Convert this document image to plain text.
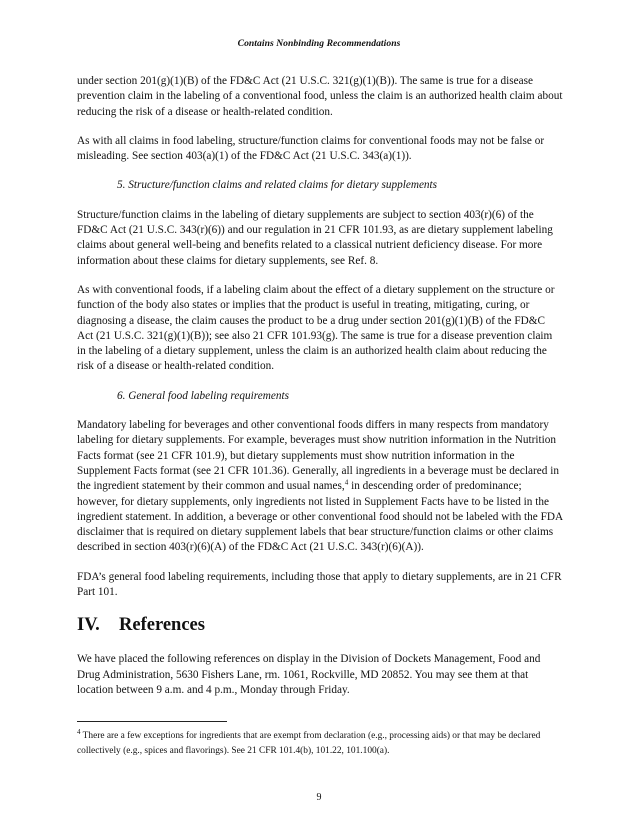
Contains Nonbinding Recommendations

under section 201(g)(1)(B) of the FD&C Act (21 U.S.C. 321(g)(1)(B)). The same is true for a disease prevention claim in the labeling of a conventional food, unless the claim is an authorized health claim about reducing the risk of a disease or health-related condition.

As with all claims in food labeling, structure/function claims for conventional foods may not be false or misleading. See section 403(a)(1) of the FD&C Act (21 U.S.C. 343(a)(1)).

5. Structure/function claims and related claims for dietary supplements

Structure/function claims in the labeling of dietary supplements are subject to section 403(r)(6) of the FD&C Act (21 U.S.C. 343(r)(6)) and our regulation in 21 CFR 101.93, as are dietary supplement labeling claims about general well-being and benefits related to a classical nutrient deficiency disease. For more information about these claims for dietary supplements, see Ref. 8.

As with conventional foods, if a labeling claim about the effect of a dietary supplement on the structure or function of the body also states or implies that the product is useful in treating, mitigating, curing, or diagnosing a disease, the claim causes the product to be a drug under section 201(g)(1)(B) of the FD&C Act (21 U.S.C. 321(g)(1)(B)); see also 21 CFR 101.93(g). The same is true for a disease prevention claim in the labeling of a dietary supplement, unless the claim is an authorized health claim about reducing the risk of a disease or health-related condition.

6. General food labeling requirements

Mandatory labeling for beverages and other conventional foods differs in many respects from mandatory labeling for dietary supplements. For example, beverages must show nutrition information in the Nutrition Facts format (see 21 CFR 101.9), but dietary supplements must show nutrition information in the Supplement Facts format (see 21 CFR 101.36). Generally, all ingredients in a beverage must be declared in the ingredient statement by their common and usual names,$^4$ in descending order of predominance; however, for dietary supplements, only ingredients not listed in Supplement Facts have to be listed in the ingredient statement. In addition, a beverage or other conventional food should not be labeled with the FDA disclaimer that is required on dietary supplement labels that bear structure/function claims or other claims described in section 403(r)(6)(A) of the FD&C Act (21 U.S.C. 343(r)(6)(A)).

FDA’s general food labeling requirements, including those that apply to dietary supplements, are in 21 CFR Part 101.

IV. References

We have placed the following references on display in the Division of Dockets Management, Food and Drug Administration, 5630 Fishers Lane, rm. 1061, Rockville, MD 20852. You may see them at that location between 9 a.m. and 4 p.m., Monday through Friday.

$^4$ There are a few exceptions for ingredients that are exempt from declaration (e.g., processing aids) or that may be declared collectively (e.g., spices and flavorings). See 21 CFR 101.4(b), 101.22, 101.100(a).
9
